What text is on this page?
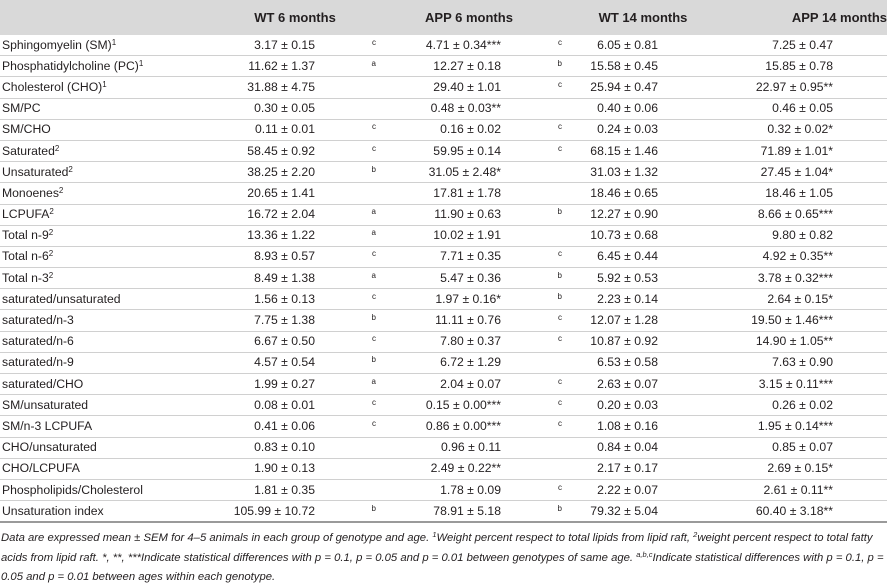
	WT 6 months	APP 6 months	WT 14 months	APP 14 months
Sphingomyelin (SM)$^1$	3.17 ± 0.15 $^c$	4.71 ± 0.34*** $^c$	6.05 ± 0.81	7.25 ± 0.47
Phosphatidylcholine (PC)$^1$	11.62 ± 1.37 $^a$	12.27 ± 0.18 $^b$	15.58 ± 0.45	15.85 ± 0.78
Cholesterol (CHO)$^1$	31.88 ± 4.75	29.40 ± 1.01 $^c$	25.94 ± 0.47	22.97 ± 0.95**
SM/PC	0.30 ± 0.05	0.48 ± 0.03**	0.40 ± 0.06	0.46 ± 0.05
SM/CHO	0.11 ± 0.01 $^c$	0.16 ± 0.02 $^c$	0.24 ± 0.03	0.32 ± 0.02*
Saturated$^2$	58.45 ± 0.92 $^c$	59.95 ± 0.14 $^c$	68.15 ± 1.46	71.89 ± 1.01*
Unsaturated$^2$	38.25 ± 2.20 $^b$	31.05 ± 2.48*	31.03 ± 1.32	27.45 ± 1.04*
Monoenes$^2$	20.65 ± 1.41	17.81 ± 1.78	18.46 ± 0.65	18.46 ± 1.05
LCPUFA$^2$	16.72 ± 2.04 $^a$	11.90 ± 0.63 $^b$	12.27 ± 0.90	8.66 ± 0.65***
Total $n-9^2$	13.36 ± 1.22 $^a$	10.02 ± 1.91	10.73 ± 0.68	9.80 ± 0.82
Total $n-6^2$	8.93 ± 0.57 $^c$	7.71 ± 0.35 $^c$	6.45 ± 0.44	4.92 ± 0.35**
Total $n-3^2$	8.49 ± 1.38 $^a$	5.47 ± 0.36 $^b$	5.92 ± 0.53	3.78 ± 0.32***
saturated/unsaturated	1.56 ± 0.13 $^c$	1.97 ± 0.16* $^b$	2.23 ± 0.14	2.64 ± 0.15*
saturated/n-3	7.75 ± 1.38 $^b$	11.11 ± 0.76 $^c$	12.07 ± 1.28	19.50 ± 1.46***
saturated/n-6	6.67 ± 0.50 $^c$	7.80 ± 0.37 $^c$	10.87 ± 0.92	14.90 ± 1.05**
saturated/n-9	4.57 ± 0.54 $^b$	6.72 ± 1.29	6.53 ± 0.58	7.63 ± 0.90
saturated/CHO	1.99 ± 0.27 $^a$	2.04 ± 0.07 $^c$	2.63 ± 0.07	3.15 ± 0.11***
SM/unsaturated	0.08 ± 0.01 $^c$	0.15 ± 0.00*** $^c$	0.20 ± 0.03	0.26 ± 0.02
SM/n-3 LCPUFA	0.41 ± 0.06 $^c$	0.86 ± 0.00*** $^c$	1.08 ± 0.16	1.95 ± 0.14***
CHO/unsaturated	0.83 ± 0.10	0.96 ± 0.11	0.84 ± 0.04	0.85 ± 0.07
CHO/LCPUFA	1.90 ± 0.13	2.49 ± 0.22**	2.17 ± 0.17	2.69 ± 0.15*
Phospholipids/Cholesterol	1.81 ± 0.35	1.78 ± 0.09 $^c$	2.22 ± 0.07	2.61 ± 0.11**
Unsaturation index	105.99 ± 10.72 $^b$	78.91 ± 5.18 $^b$	79.32 ± 5.04	60.40 ± 3.18**
Data are expressed mean ± SEM for 4–5 animals in each group of genotype and age. $^1$Weight percent respect to total lipids from lipid raft, $^2$weight percent respect to total fatty acids from lipid raft. *, **, ***Indicate statistical differences with p = 0.1, p = 0.05 and p = 0.01 between genotypes of same age. $^{a,b,c}$Indicate statistical differences with p = 0.1, p = 0.05 and p = 0.01 between ages within each genotype.
